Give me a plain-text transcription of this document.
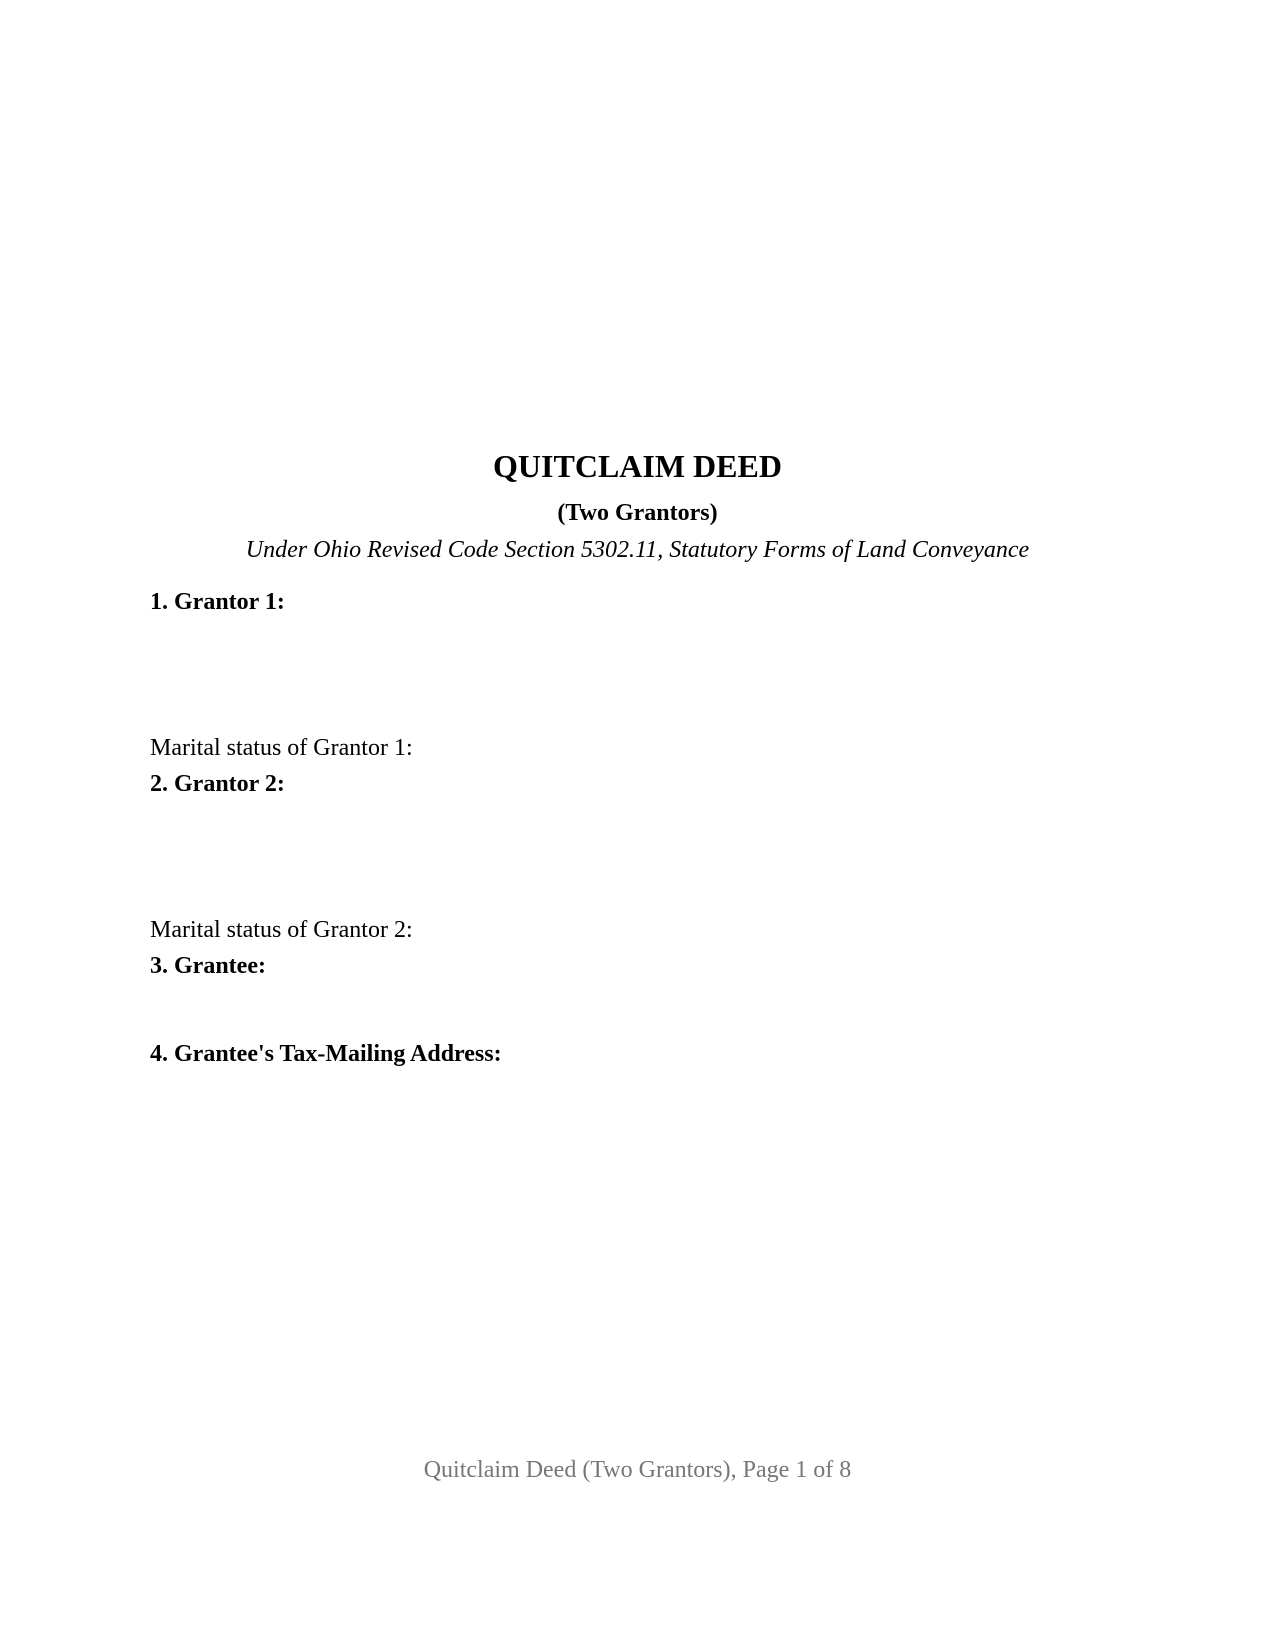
QUITCLAIM DEED
(Two Grantors)
Under Ohio Revised Code Section 5302.11, Statutory Forms of Land Conveyance
1. Grantor 1:
Marital status of Grantor 1:
2. Grantor 2:
Marital status of Grantor 2:
3. Grantee:
4. Grantee's Tax-Mailing Address:
Quitclaim Deed (Two Grantors), Page 1 of 8
